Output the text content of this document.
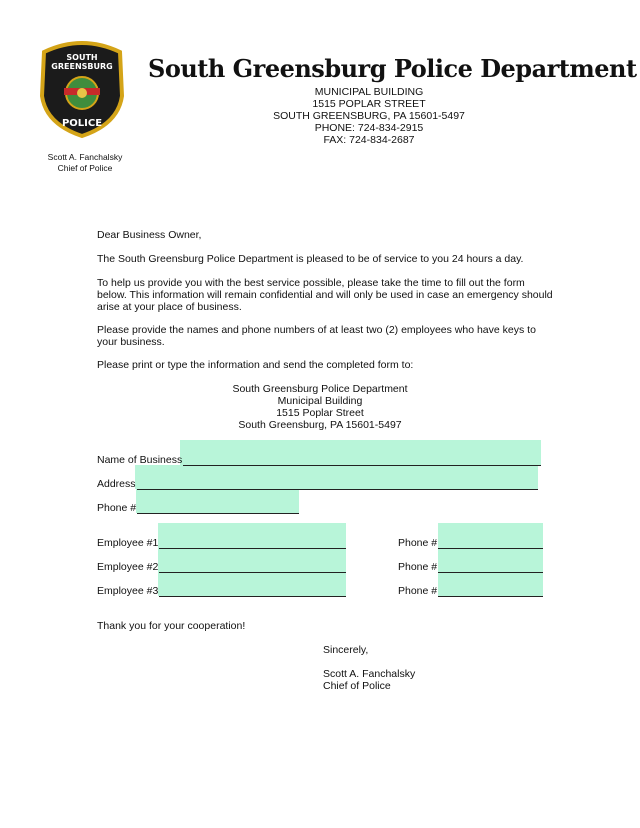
SOUTH
GREENSBURG
POLICE
South Greensburg Police Department
MUNICIPAL BUILDING
1515 POPLAR STREET
SOUTH GREENSBURG, PA 15601-5497
PHONE: 724-834-2915
FAX: 724-834-2687
Scott A. Fanchalsky
Chief of Police
Dear Business Owner,
The South Greensburg Police Department is pleased to be of service to you 24 hours a day.
To help us provide you with the best service possible, please take the time to fill out the form below. This information will remain confidential and will only be used in case an emergency should arise at your place of business.
Please provide the names and phone numbers of at least two (2) employees who have keys to your business.
Please print or type the information and send the completed form to:
South Greensburg Police Department
Municipal Building
1515 Poplar Street
South Greensburg, PA 15601-5497
Name of Business
Address
Phone #
Employee #1
Employee #2
Employee #3
Phone #
Phone #
Phone #
Thank you for your cooperation!
Sincerely,
Scott A. Fanchalsky
Chief of Police
